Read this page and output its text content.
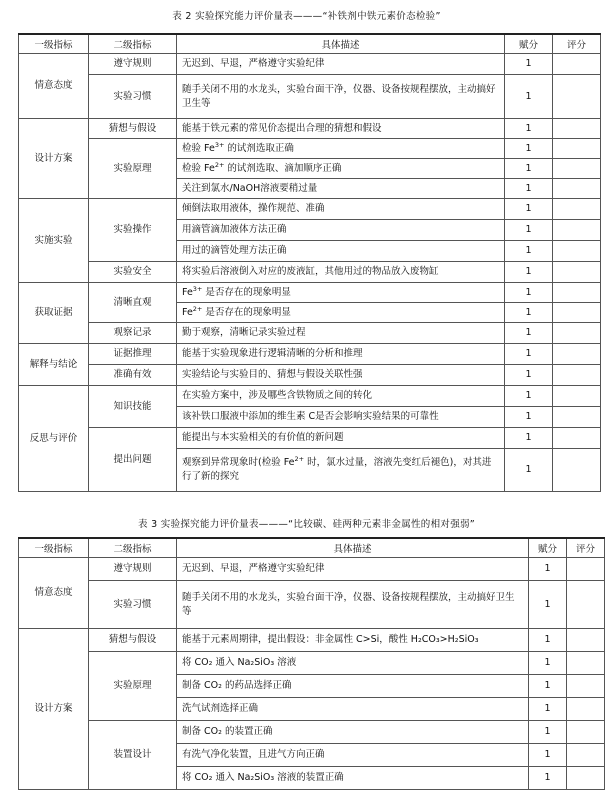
表 2 实验探究能力评价量表———“补铁剂中铁元素价态检验”
一级指标	二级指标	具体描述	赋分	评分
情意态度	遵守规则	无迟到、早退，严格遵守实验纪律	1	
	实验习惯	随手关闭不用的水龙头，实验台面干净，仪器、设备按规程摆放，主动搞好卫生等	1	
设计方案	猜想与假设	能基于铁元素的常见价态提出合理的猜想和假设	1	
	实验原理	检验 $Fe^{3+}$ 的试剂选取正确	1	
		检验 $Fe^{2+}$ 的试剂选取、滴加顺序正确	1	
		关注到氯水/NaOH溶液要稍过量	1	
实施实验	实验操作	倾倒法取用液体，操作规范、准确	1	
		用滴管滴加液体方法正确	1	
		用过的滴管处理方法正确	1	
	实验安全	将实验后溶液倒入对应的废液缸，其他用过的物品放入废物缸	1	
获取证据	清晰直观	$Fe^{3+}$ 是否存在的现象明显	1	
		$Fe^{2+}$ 是否存在的现象明显	1	
	观察记录	勤于观察，清晰记录实验过程	1	
解释与结论	证据推理	能基于实验现象进行逻辑清晰的分析和推理	1	
	准确有效	实验结论与实验目的、猜想与假设关联性强	1	
反思与评价	知识技能	在实验方案中，涉及哪些含铁物质之间的转化	1	
		该补铁口服液中添加的维生素 C是否会影响实验结果的可靠性	1	
	提出问题	能提出与本实验相关的有价值的新问题	1	
		观察到异常现象时(检验 $Fe^{2+}$ 时，氯水过量，溶液先变红后褪色)，对其进行了新的探究	1	
表 3 实验探究能力评价量表———“比较碳、硅两种元素非金属性的相对强弱”
一级指标	二级指标	具体描述	赋分	评分
情意态度	遵守规则	无迟到、早退，严格遵守实验纪律	1	
	实验习惯	随手关闭不用的水龙头，实验台面干净，仪器、设备按规程摆放，主动搞好卫生等	1	
设计方案	猜想与假设	能基于元素周期律，提出假设：非金属性 C>Si，酸性 H₂CO₃>H₂SiO₃	1	
	实验原理	将 CO₂ 通入 Na₂SiO₃ 溶液	1	
		制备 CO₂ 的药品选择正确	1	
		洗气试剂选择正确	1	
	装置设计	制备 CO₂ 的装置正确	1	
		有洗气净化装置，且进气方向正确	1	
		将 CO₂ 通入 Na₂SiO₃ 溶液的装置正确	1	
